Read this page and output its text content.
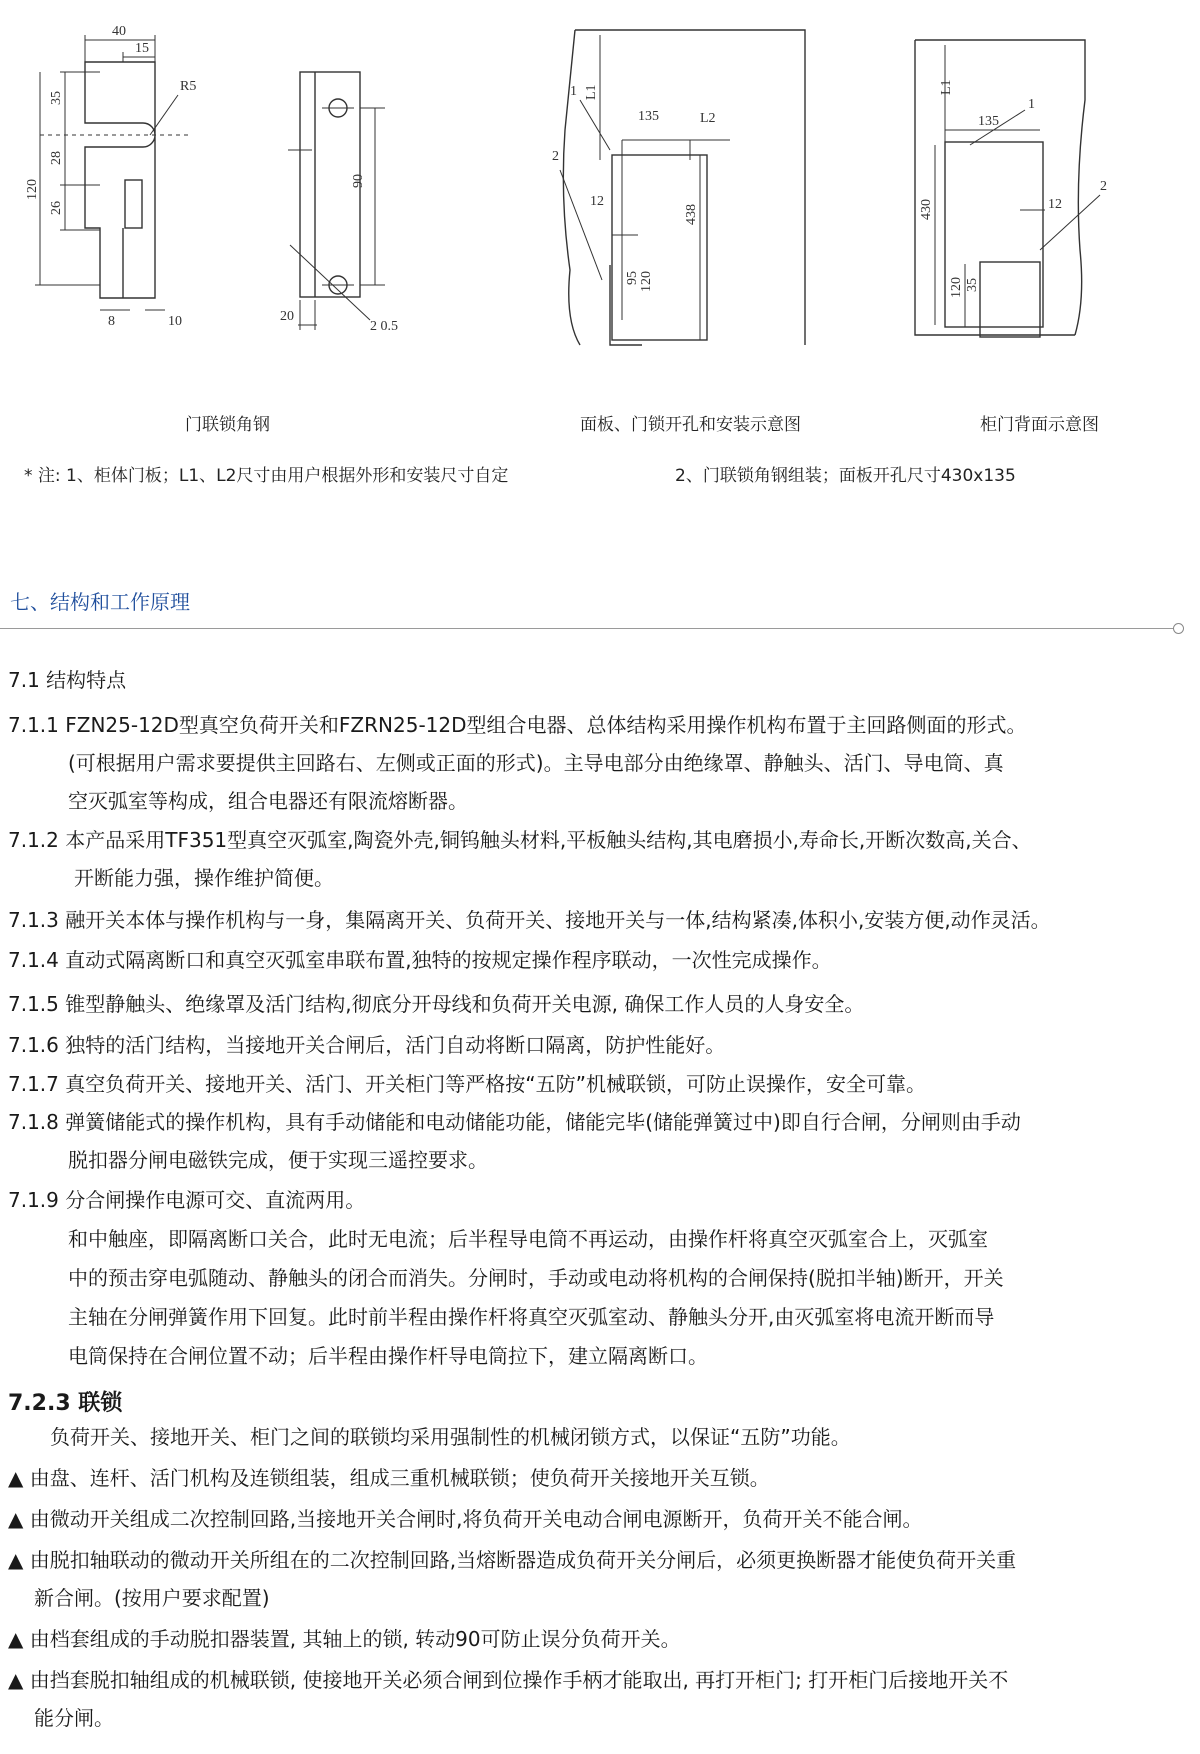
40
15
R5
35
28
26
120
8	10
90
20
2 0.5
L1
135	L2
12
438
95 120
1
2
L1
135
430	12
120 35
1
2
门联锁角钢	面板、门锁开孔和安装示意图	柜门背面示意图
* 注: 1、柜体门板；L1、L2尺寸由用户根据外形和安装尺寸自定	2、门联锁角钢组装；面板开孔尺寸430x135
七、结构和工作原理
7.1 结构特点
7.1.1 FZN25-12D型真空负荷开关和FZRN25-12D型组合电器、总体结构采用操作机构布置于主回路侧面的形式。
(可根据用户需求要提供主回路右、左侧或正面的形式)。主导电部分由绝缘罩、静触头、活门、导电筒、真
空灭弧室等构成，组合电器还有限流熔断器。
7.1.2 本产品采用TF351型真空灭弧室,陶瓷外壳,铜钨触头材料,平板触头结构,其电磨损小,寿命长,开断次数高,关合、
开断能力强，操作维护简便。
7.1.3 融开关本体与操作机构与一身，集隔离开关、负荷开关、接地开关与一体,结构紧凑,体积小,安装方便,动作灵活。
7.1.4 直动式隔离断口和真空灭弧室串联布置,独特的按规定操作程序联动，一次性完成操作。
7.1.5 锥型静触头、绝缘罩及活门结构,彻底分开母线和负荷开关电源, 确保工作人员的人身安全。
7.1.6 独特的活门结构，当接地开关合闸后，活门自动将断口隔离，防护性能好。
7.1.7 真空负荷开关、接地开关、活门、开关柜门等严格按“五防”机械联锁，可防止误操作，安全可靠。
7.1.8 弹簧储能式的操作机构，具有手动储能和电动储能功能，储能完毕(储能弹簧过中)即自行合闸，分闸则由手动
脱扣器分闸电磁铁完成，便于实现三遥控要求。
7.1.9 分合闸操作电源可交、直流两用。
和中触座，即隔离断口关合，此时无电流；后半程导电筒不再运动，由操作杆将真空灭弧室合上，灭弧室
中的预击穿电弧随动、静触头的闭合而消失。分闸时，手动或电动将机构的合闸保持(脱扣半轴)断开，开关
主轴在分闸弹簧作用下回复。此时前半程由操作杆将真空灭弧室动、静触头分开,由灭弧室将电流开断而导
电筒保持在合闸位置不动；后半程由操作杆导电筒拉下，建立隔离断口。
7.2.3 联锁
负荷开关、接地开关、柜门之间的联锁均采用强制性的机械闭锁方式，以保证“五防”功能。
▲ 由盘、连杆、活门机构及连锁组装，组成三重机械联锁；使负荷开关接地开关互锁。
▲ 由微动开关组成二次控制回路,当接地开关合闸时,将负荷开关电动合闸电源断开，负荷开关不能合闸。
▲ 由脱扣轴联动的微动开关所组在的二次控制回路,当熔断器造成负荷开关分闸后，必须更换断器才能使负荷开关重
新合闸。(按用户要求配置)
▲ 由档套组成的手动脱扣器装置, 其轴上的锁, 转动90可防止误分负荷开关。
▲ 由挡套脱扣轴组成的机械联锁, 使接地开关必须合闸到位操作手柄才能取出, 再打开柜门; 打开柜门后接地开关不
能分闸。
